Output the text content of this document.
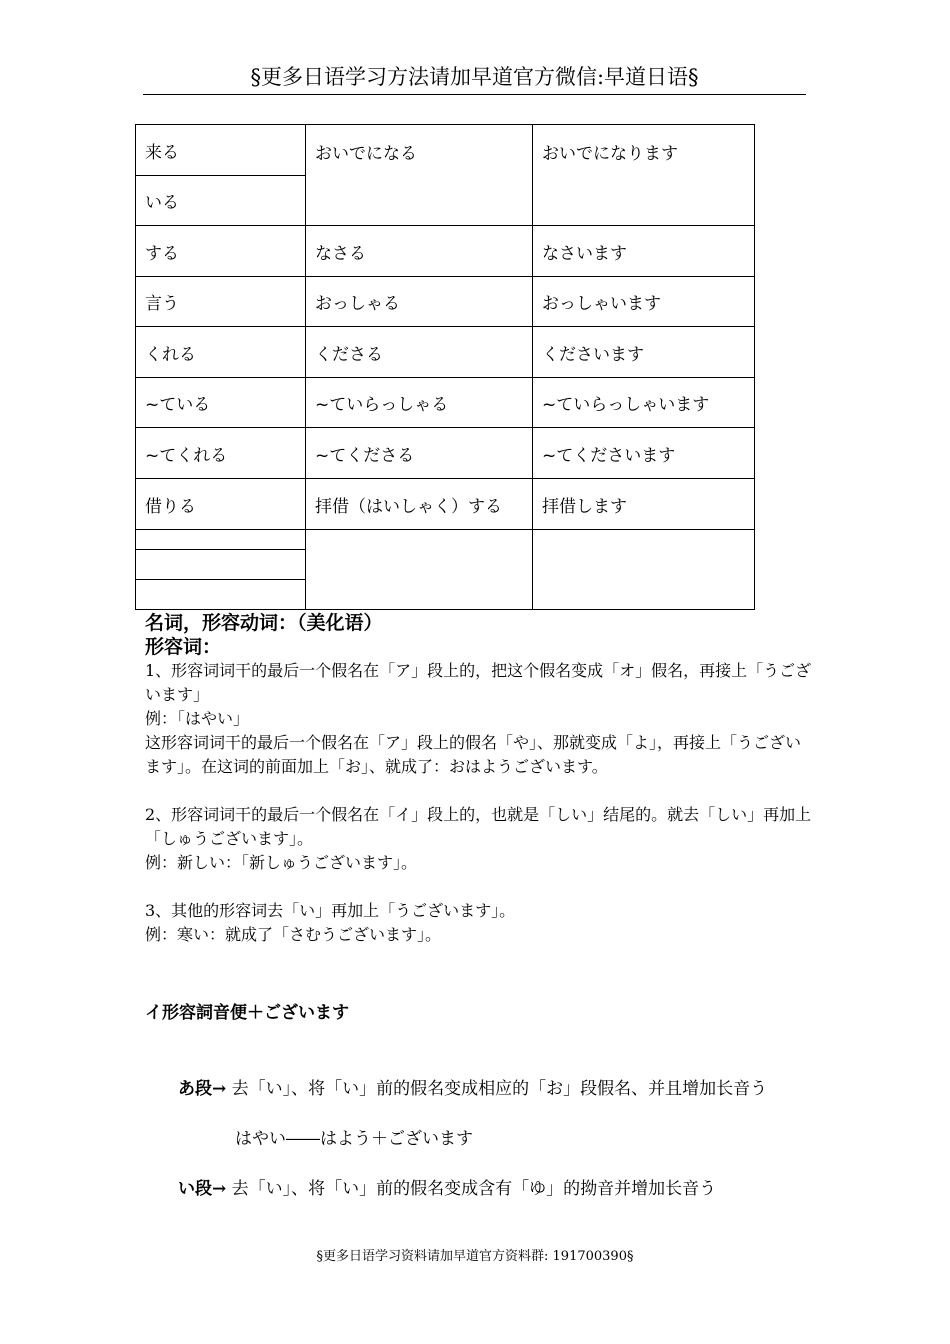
§更多日语学习方法请加早道官方微信:早道日语§
来る	おいでになる	おいでになります
いる		
する	なさる	なさいます
言う	おっしゃる	おっしゃいます
くれる	くださる	くださいます
~ている	~ていらっしゃる	~ていらっしゃいます
~てくれる	~てくださる	~てくださいます
借りる	拝借（はいしゃく）する	拝借します

名词，形容动词：（美化语）

形容词：

1、形容词词干的最后一个假名在「ア」段上的，把这个假名变成「オ」假名，再接上「うございます」

例：「はやい」

这形容词词干的最后一个假名在「ア」段上的假名「や」、那就变成「よ」，再接上「うございます」。在这词的前面加上「お」、就成了：おはようございます。

2、形容词词干的最后一个假名在「イ」段上的，也就是「しい」结尾的。就去「しい」再加上「しゅうございます」。

例：新しい：「新しゅうございます」。

3、其他的形容词去「い」再加上「うございます」。

例：寒い：就成了「さむうございます」。

イ形容詞音便＋ございます
あ段→ 去「い」、将「い」前的假名变成相应的「お」段假名、并且增加长音う
はやい――はよう＋ございます
い段→ 去「い」、将「い」前的假名变成含有「ゆ」的拗音并增加长音う
§更多日语学习资料请加早道官方资料群: 191700390§
